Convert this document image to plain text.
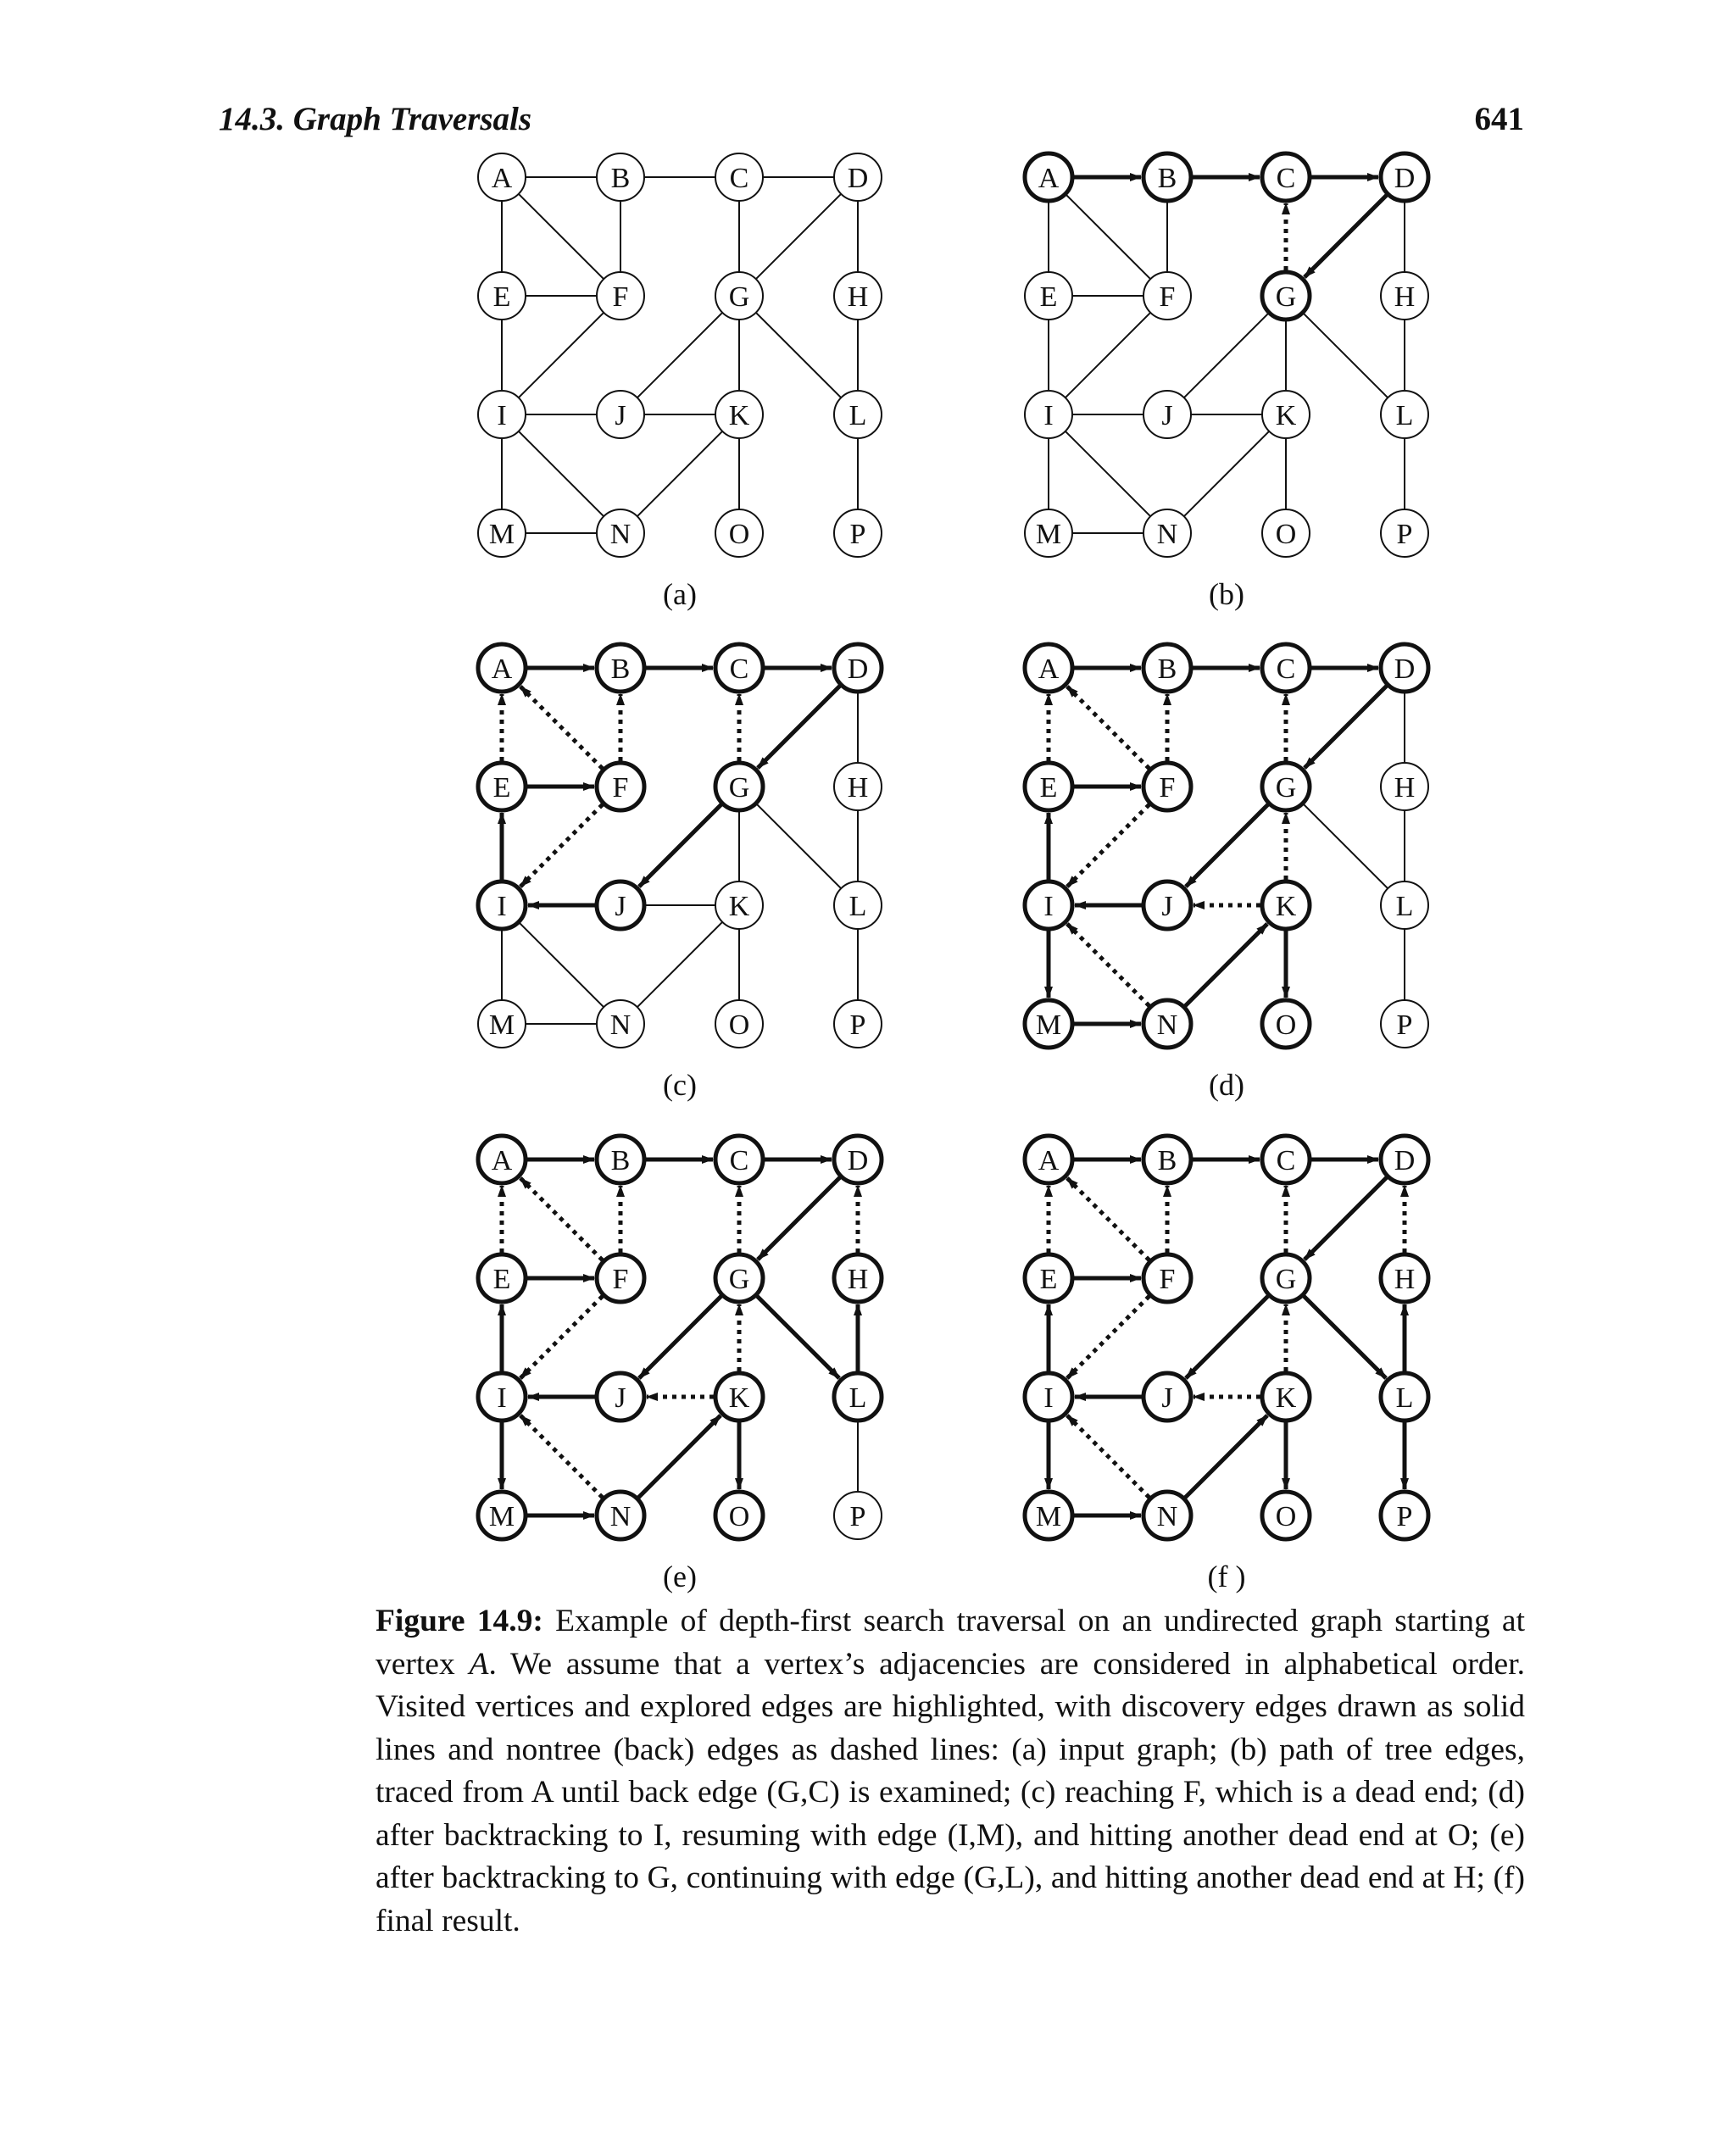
14.3. Graph Traversals	641
A	B	C	D
E	F	G	H
I	J	K	L
M	N	O	P
(a)
A	B	C	D
E	F	G	H
I	J	K	L
M	N	O	P
(b)
A	B	C	D
E	F	G	H
I	J	K	L
M	N	O	P
(c)
A	B	C	D
E	F	G	H
I	J	K	L
M	N	O	P
(d)
A	B	C	D
E	F	G	H
I	J	K	L
M	N	O	P
(e)
A	B	C	D
E	F	G	H
I	J	K	L
M	N	O	P
(f )
Figure 14.9: Example of depth-first search traversal on an undirected graph starting at vertex A. We assume that a vertex’s adjacencies are considered in alphabetical order. Visited vertices and explored edges are highlighted, with discovery edges drawn as solid lines and nontree (back) edges as dashed lines: (a) input graph; (b) path of tree edges, traced from A until back edge (G,C) is examined; (c) reaching F, which is a dead end; (d) after backtracking to I, resuming with edge (I,M), and hitting another dead end at O; (e) after backtracking to G, continuing with edge (G,L), and hitting another dead end at H; (f) final result.
